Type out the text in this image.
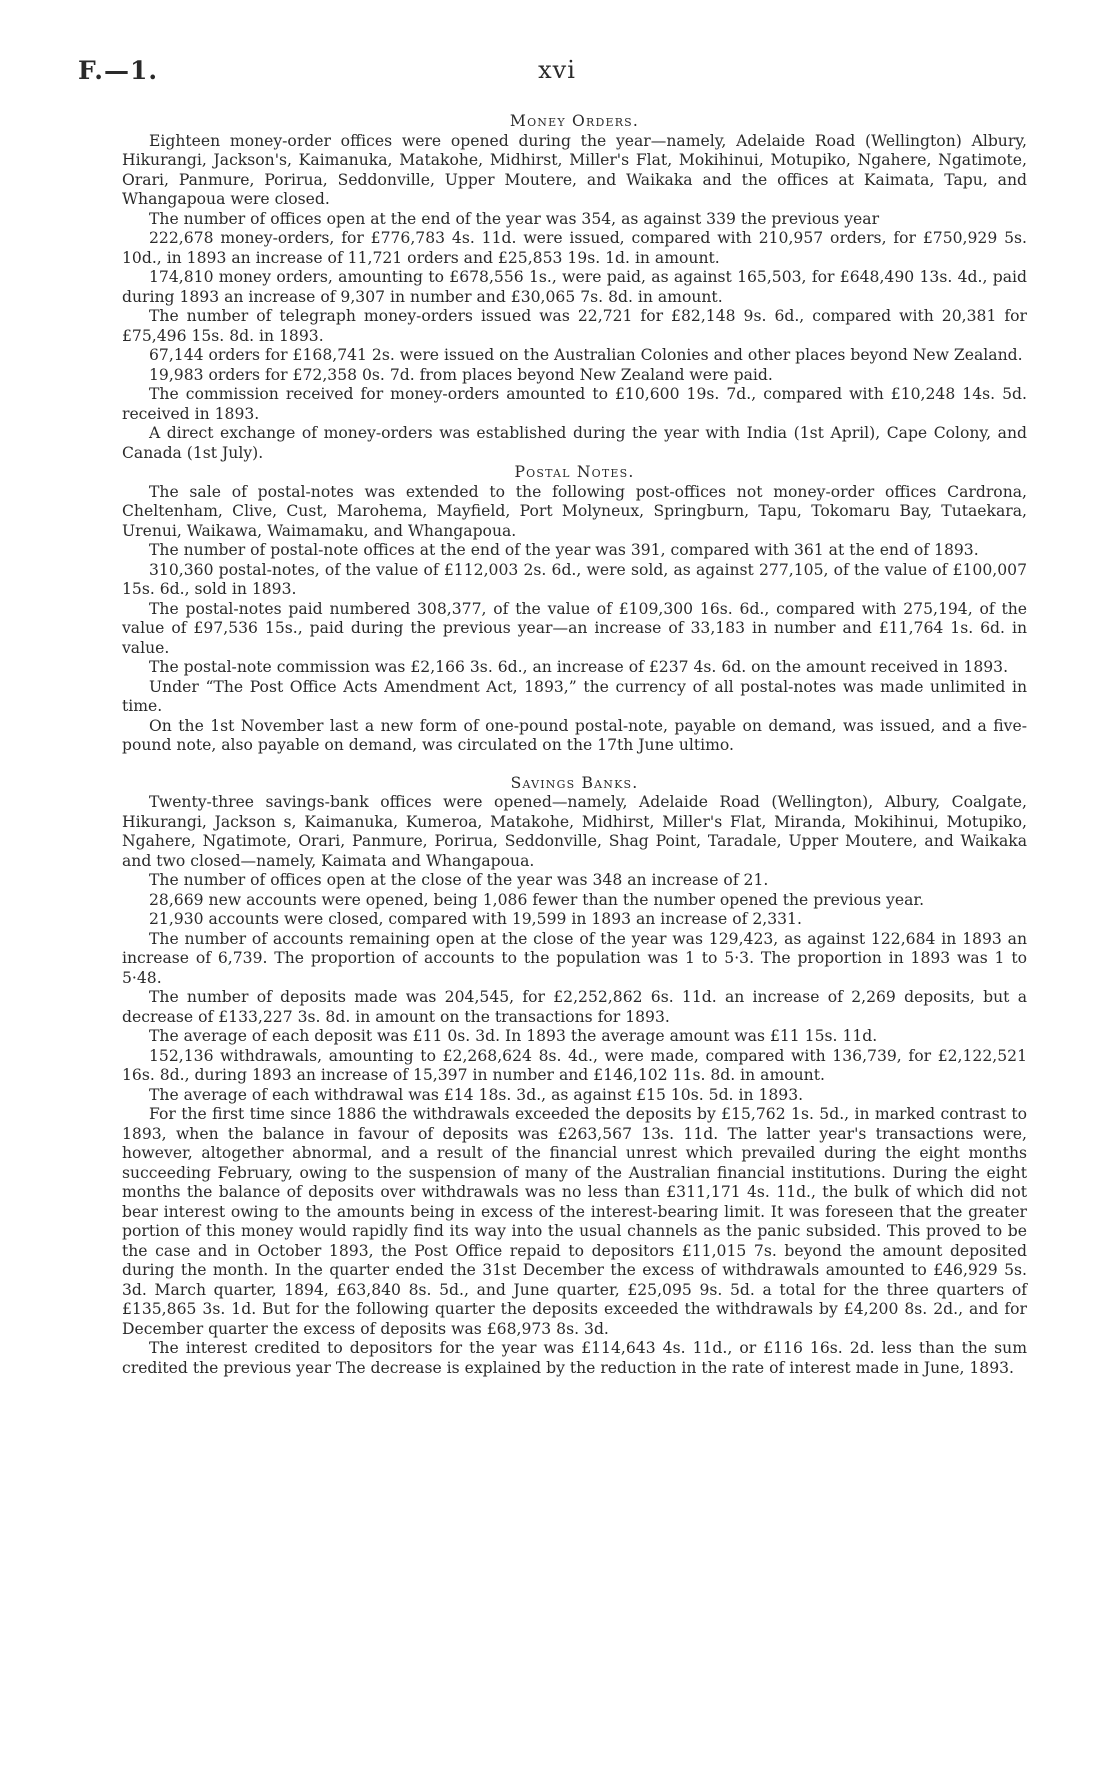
F.—1.	xvi

Money Orders.

Eighteen money-order offices were opened during the year—namely, Adelaide Road (Wellington) Albury, Hikurangi, Jackson's, Kaimanuka, Matakohe, Midhirst, Miller's Flat, Mokihinui, Motupiko, Ngahere, Ngatimote, Orari, Panmure, Porirua, Seddonville, Upper Moutere, and Waikaka and the offices at Kaimata, Tapu, and Whangapoua were closed.

The number of offices open at the end of the year was 354, as against 339 the previous year

222,678 money-orders, for £776,783 4s. 11d. were issued, compared with 210,957 orders, for £750,929 5s. 10d., in 1893 an increase of 11,721 orders and £25,853 19s. 1d. in amount.

174,810 money orders, amounting to £678,556 1s., were paid, as against 165,503, for £648,490 13s. 4d., paid during 1893 an increase of 9,307 in number and £30,065 7s. 8d. in amount.

The number of telegraph money-orders issued was 22,721 for £82,148 9s. 6d., compared with 20,381 for £75,496 15s. 8d. in 1893.

67,144 orders for £168,741 2s. were issued on the Australian Colonies and other places beyond New Zealand.

19,983 orders for £72,358 0s. 7d. from places beyond New Zealand were paid.

The commission received for money-orders amounted to £10,600 19s. 7d., compared with £10,248 14s. 5d. received in 1893.

A direct exchange of money-orders was established during the year with India (1st April), Cape Colony, and Canada (1st July).

Postal Notes.

The sale of postal-notes was extended to the following post-offices not money-order offices Cardrona, Cheltenham, Clive, Cust, Marohema, Mayfield, Port Molyneux, Springburn, Tapu, Tokomaru Bay, Tutaekara, Urenui, Waikawa, Waimamaku, and Whangapoua.

The number of postal-note offices at the end of the year was 391, compared with 361 at the end of 1893.

310,360 postal-notes, of the value of £112,003 2s. 6d., were sold, as against 277,105, of the value of £100,007 15s. 6d., sold in 1893.

The postal-notes paid numbered 308,377, of the value of £109,300 16s. 6d., compared with 275,194, of the value of £97,536 15s., paid during the previous year—an increase of 33,183 in number and £11,764 1s. 6d. in value.

The postal-note commission was £2,166 3s. 6d., an increase of £237 4s. 6d. on the amount received in 1893.

Under “The Post Office Acts Amendment Act, 1893,” the currency of all postal-notes was made unlimited in time.

On the 1st November last a new form of one-pound postal-note, payable on demand, was issued, and a five-pound note, also payable on demand, was circulated on the 17th June ultimo.

Savings Banks.

Twenty-three savings-bank offices were opened—namely, Adelaide Road (Wellington), Albury, Coalgate, Hikurangi, Jackson s, Kaimanuka, Kumeroa, Matakohe, Midhirst, Miller's Flat, Miranda, Mokihinui, Motupiko, Ngahere, Ngatimote, Orari, Panmure, Porirua, Seddonville, Shag Point, Taradale, Upper Moutere, and Waikaka and two closed—namely, Kaimata and Whangapoua.

The number of offices open at the close of the year was 348 an increase of 21.

28,669 new accounts were opened, being 1,086 fewer than the number opened the previous year.

21,930 accounts were closed, compared with 19,599 in 1893 an increase of 2,331.

The number of accounts remaining open at the close of the year was 129,423, as against 122,684 in 1893 an increase of 6,739. The proportion of accounts to the population was 1 to 5·3. The proportion in 1893 was 1 to 5·48.

The number of deposits made was 204,545, for £2,252,862 6s. 11d. an increase of 2,269 deposits, but a decrease of £133,227 3s. 8d. in amount on the transactions for 1893.

The average of each deposit was £11 0s. 3d. In 1893 the average amount was £11 15s. 11d.

152,136 withdrawals, amounting to £2,268,624 8s. 4d., were made, compared with 136,739, for £2,122,521 16s. 8d., during 1893 an increase of 15,397 in number and £146,102 11s. 8d. in amount.

The average of each withdrawal was £14 18s. 3d., as against £15 10s. 5d. in 1893.

For the first time since 1886 the withdrawals exceeded the deposits by £15,762 1s. 5d., in marked contrast to 1893, when the balance in favour of deposits was £263,567 13s. 11d. The latter year's transactions were, however, altogether abnormal, and a result of the financial unrest which prevailed during the eight months succeeding February, owing to the suspension of many of the Australian financial institutions. During the eight months the balance of deposits over withdrawals was no less than £311,171 4s. 11d., the bulk of which did not bear interest owing to the amounts being in excess of the interest-bearing limit. It was foreseen that the greater portion of this money would rapidly find its way into the usual channels as the panic subsided. This proved to be the case and in October 1893, the Post Office repaid to depositors £11,015 7s. beyond the amount deposited during the month. In the quarter ended the 31st December the excess of withdrawals amounted to £46,929 5s. 3d. March quarter, 1894, £63,840 8s. 5d., and June quarter, £25,095 9s. 5d. a total for the three quarters of £135,865 3s. 1d. But for the following quarter the deposits exceeded the withdrawals by £4,200 8s. 2d., and for December quarter the excess of deposits was £68,973 8s. 3d.

The interest credited to depositors for the year was £114,643 4s. 11d., or £116 16s. 2d. less than the sum credited the previous year The decrease is explained by the reduction in the rate of interest made in June, 1893.
